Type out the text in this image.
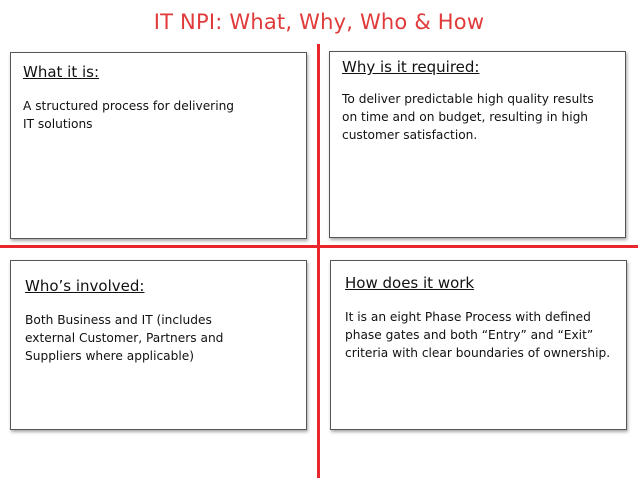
IT NPI: What, Why, Who & How
What it is:
A structured process for delivering IT solutions
Why is it required:
To deliver predictable high quality results on time and on budget, resulting in high customer satisfaction.
Who’s involved:
Both Business and IT (includes external Customer, Partners and Suppliers where applicable)
How does it work
It is an eight Phase Process with defined phase gates and both “Entry” and “Exit” criteria with clear boundaries of ownership.
